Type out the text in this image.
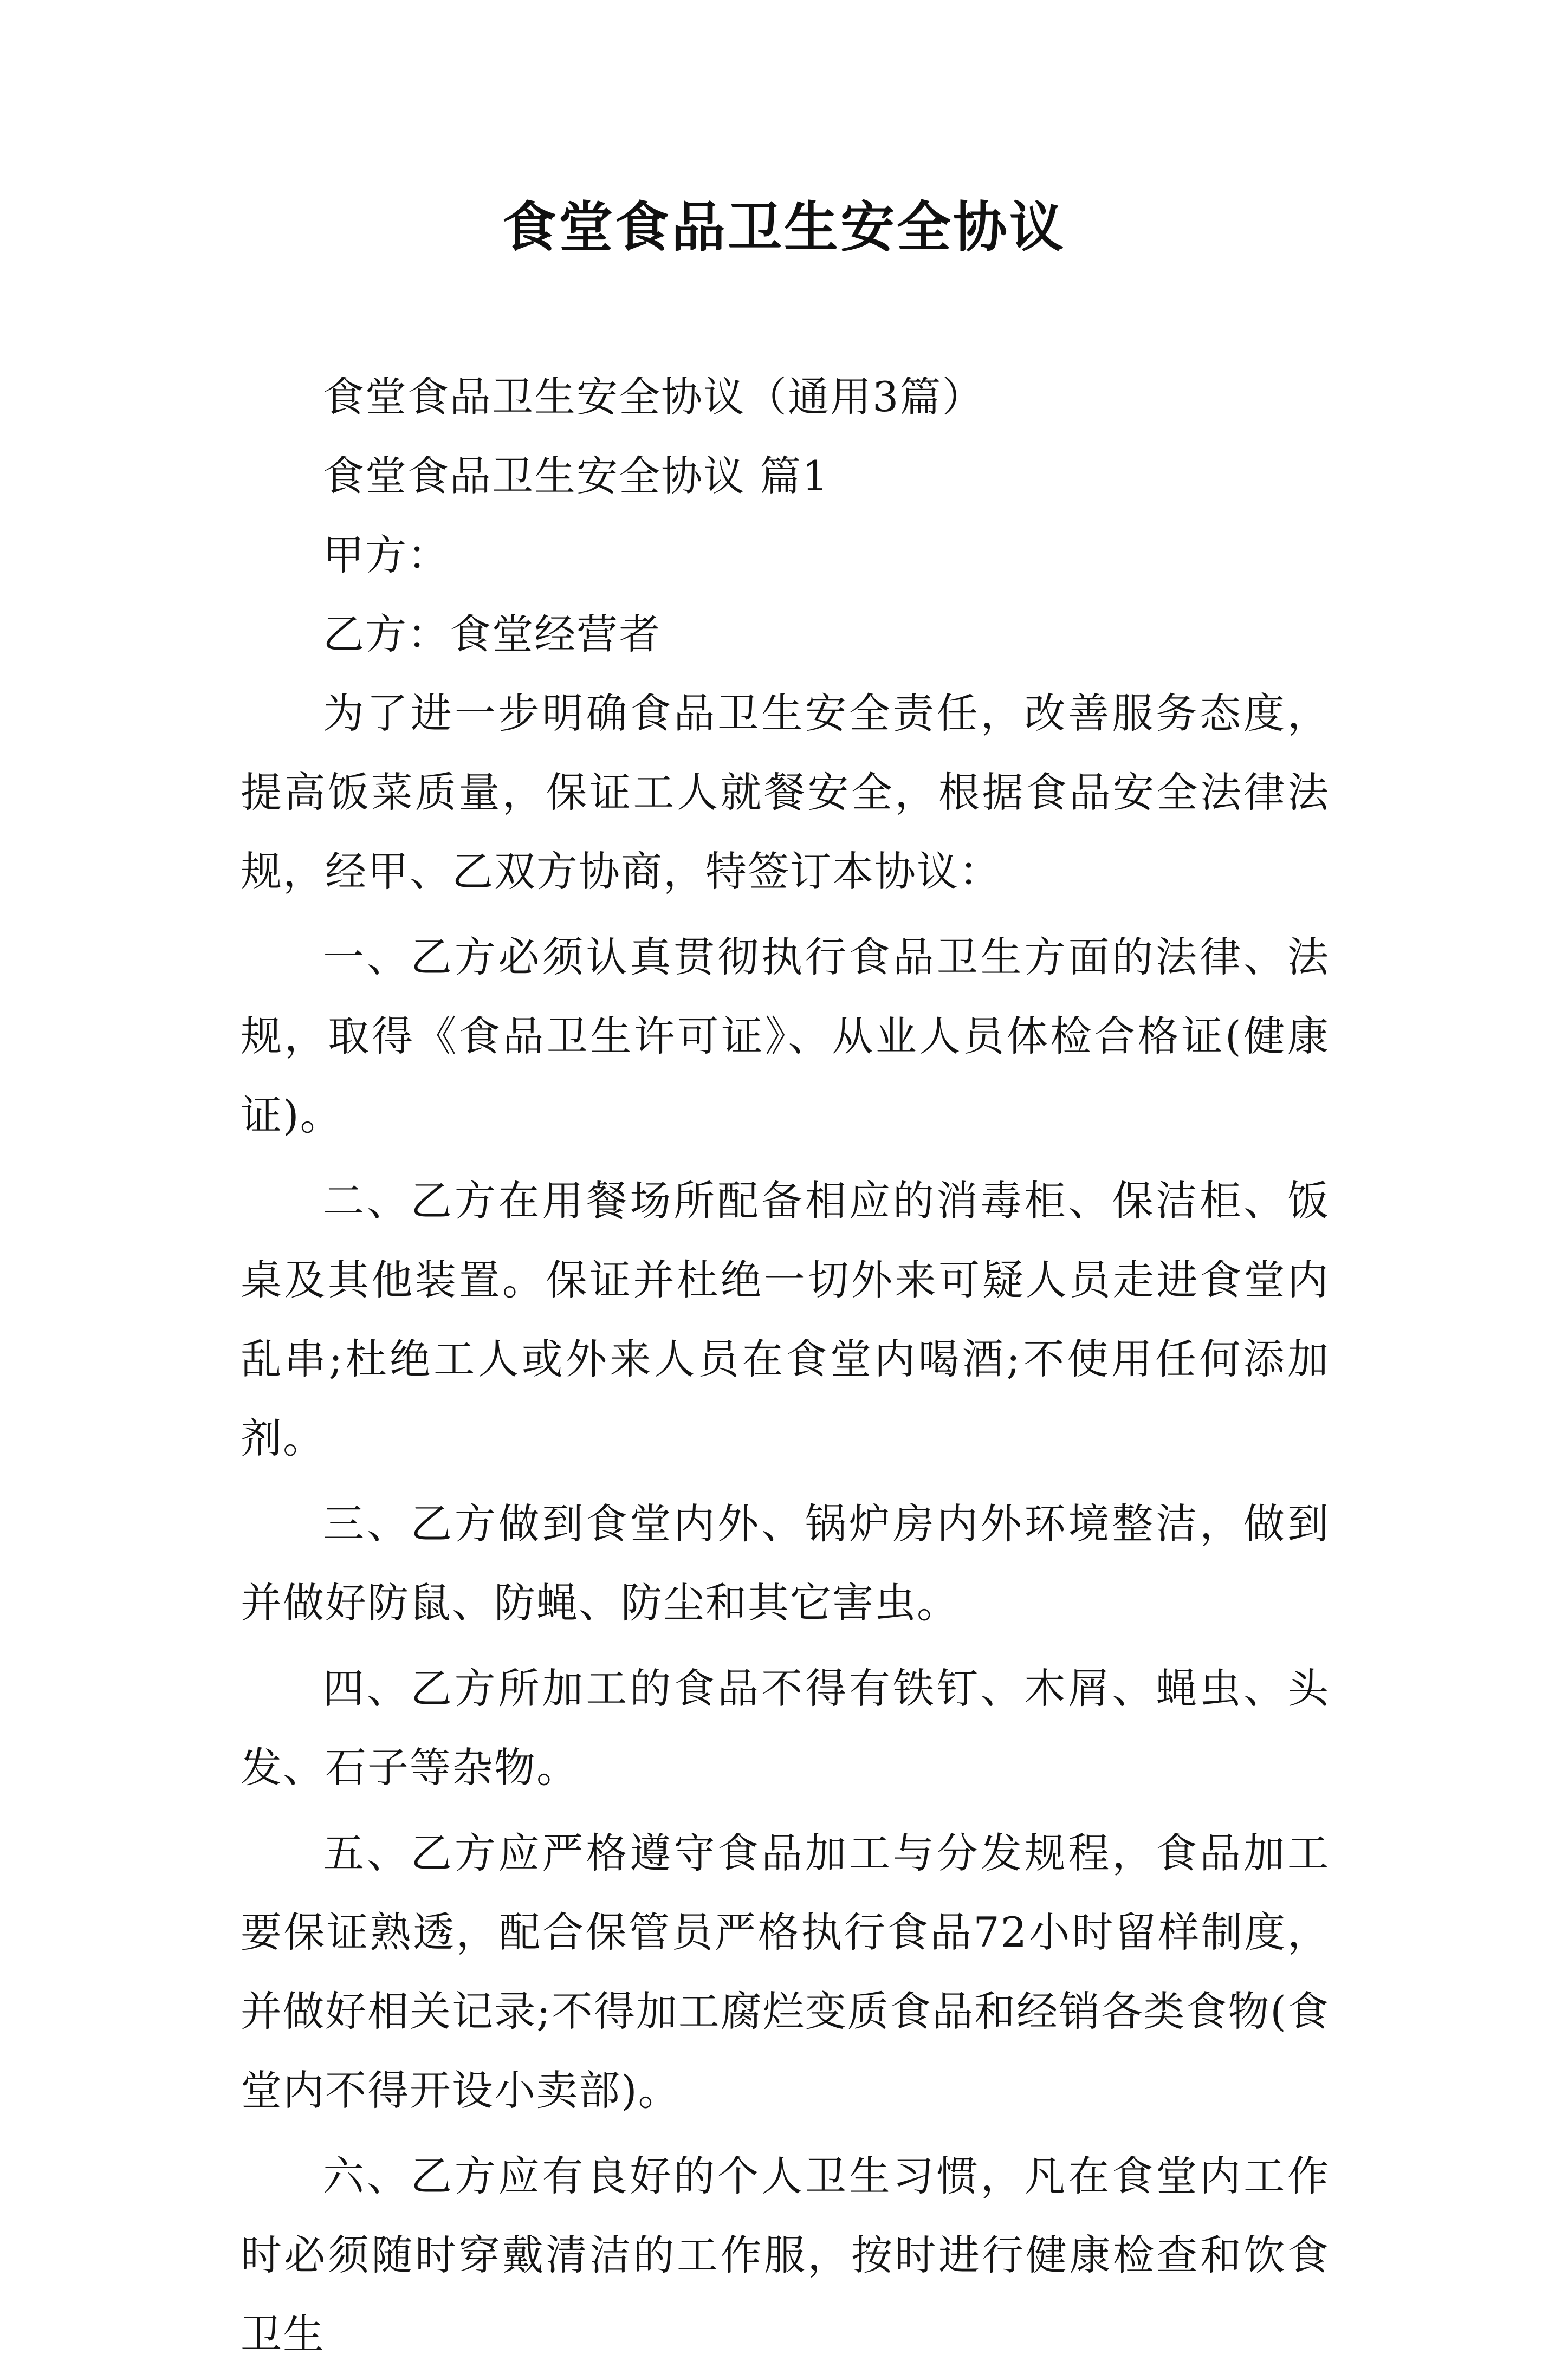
食堂食品卫生安全协议

食堂食品卫生安全协议（通用3篇）

食堂食品卫生安全协议 篇1

甲方：

乙方：食堂经营者

为了进一步明确食品卫生安全责任，改善服务态度，提高饭菜质量，保证工人就餐安全，根据食品安全法律法规，经甲、乙双方协商，特签订本协议：

一、乙方必须认真贯彻执行食品卫生方面的法律、法规，取得《食品卫生许可证》、从业人员体检合格证(健康证)。

二、乙方在用餐场所配备相应的消毒柜、保洁柜、饭桌及其他装置。保证并杜绝一切外来可疑人员走进食堂内乱串;杜绝工人或外来人员在食堂内喝酒;不使用任何添加剂。

三、乙方做到食堂内外、锅炉房内外环境整洁，做到并做好防鼠、防蝇、防尘和其它害虫。

四、乙方所加工的食品不得有铁钉、木屑、蝇虫、头发、石子等杂物。

五、乙方应严格遵守食品加工与分发规程，食品加工要保证熟透，配合保管员严格执行食品72小时留样制度，并做好相关记录;不得加工腐烂变质食品和经销各类食物(食堂内不得开设小卖部)。

六、乙方应有良好的个人卫生习惯，凡在食堂内工作时必须随时穿戴清洁的工作服，按时进行健康检查和饮食卫生
